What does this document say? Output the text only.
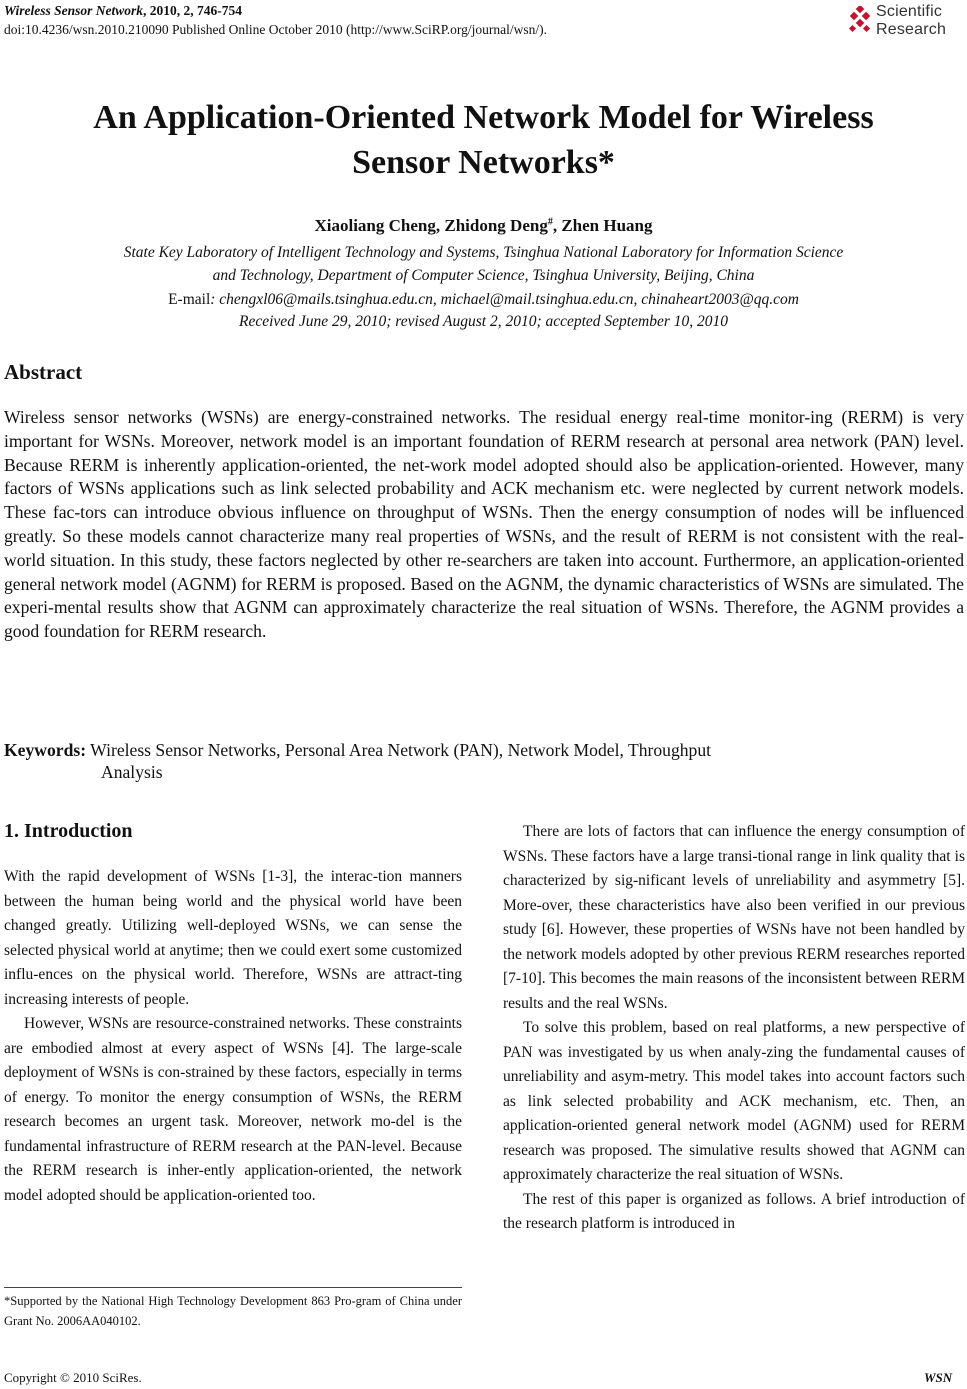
Wireless Sensor Network, 2010, 2, 746-754
doi:10.4236/wsn.2010.210090 Published Online October 2010 (http://www.SciRP.org/journal/wsn/).
Scientific
Research
An Application-Oriented Network Model for Wireless
Sensor Networks*
Xiaoliang Cheng, Zhidong Deng#, Zhen Huang
State Key Laboratory of Intelligent Technology and Systems, Tsinghua National Laboratory for Information Science
and Technology, Department of Computer Science, Tsinghua University, Beijing, China
E-mail: chengxl06@mails.tsinghua.edu.cn, michael@mail.tsinghua.edu.cn, chinaheart2003@qq.com
Received June 29, 2010; revised August 2, 2010; accepted September 10, 2010
Abstract

Wireless sensor networks (WSNs) are energy-constrained networks. The residual energy real-time monitor-ing (RERM) is very important for WSNs. Moreover, network model is an important foundation of RERM research at personal area network (PAN) level. Because RERM is inherently application-oriented, the net-work model adopted should also be application-oriented. However, many factors of WSNs applications such as link selected probability and ACK mechanism etc. were neglected by current network models. These fac-tors can introduce obvious influence on throughput of WSNs. Then the energy consumption of nodes will be influenced greatly. So these models cannot characterize many real properties of WSNs, and the result of RERM is not consistent with the real-world situation. In this study, these factors neglected by other re-searchers are taken into account. Furthermore, an application-oriented general network model (AGNM) for RERM is proposed. Based on the AGNM, the dynamic characteristics of WSNs are simulated. The experi-mental results show that AGNM can approximately characterize the real situation of WSNs. Therefore, the AGNM provides a good foundation for RERM research.

Keywords: Wireless Sensor Networks, Personal Area Network (PAN), Network Model, Throughput
Analysis
1. Introduction

With the rapid development of WSNs [1-3], the interac-tion manners between the human being world and the physical world have been changed greatly. Utilizing well-deployed WSNs, we can sense the selected physical world at anytime; then we could exert some customized influ-ences on the physical world. Therefore, WSNs are attract-ting increasing interests of people.

However, WSNs are resource-constrained networks. These constraints are embodied almost at every aspect of WSNs [4]. The large-scale deployment of WSNs is con-strained by these factors, especially in terms of energy. To monitor the energy consumption of WSNs, the RERM research becomes an urgent task. Moreover, network mo-del is the fundamental infrastructure of RERM research at the PAN-level. Because the RERM research is inher-ently application-oriented, the network model adopted should be application-oriented too.

There are lots of factors that can influence the energy consumption of WSNs. These factors have a large transi-tional range in link quality that is characterized by sig-nificant levels of unreliability and asymmetry [5]. More-over, these characteristics have also been verified in our previous study [6]. However, these properties of WSNs have not been handled by the network models adopted by other previous RERM researches reported [7-10]. This becomes the main reasons of the inconsistent between RERM results and the real WSNs.

To solve this problem, based on real platforms, a new perspective of PAN was investigated by us when analy-zing the fundamental causes of unreliability and asym-metry. This model takes into account factors such as link selected probability and ACK mechanism, etc. Then, an application-oriented general network model (AGNM) used for RERM research was proposed. The simulative results showed that AGNM can approximately characterize the real situation of WSNs.

The rest of this paper is organized as follows. A brief introduction of the research platform is introduced in

*Supported by the National High Technology Development 863 Pro-gram of China under Grant No. 2006AA040102.

Copyright © 2010 SciRes.	WSN
